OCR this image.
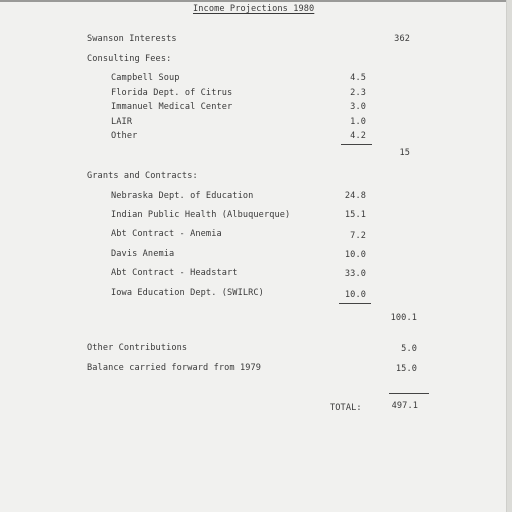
Income Projections 1980
Swanson Interests	362
Consulting Fees:
Campbell Soup	4.5
Florida Dept. of Citrus	2.3
Immanuel Medical Center	3.0
LAIR	1.0
Other	4.2
15
Grants and Contracts:
Nebraska Dept. of Education	24.8
Indian Public Health (Albuquerque)	15.1
Abt Contract - Anemia	7.2
Davis Anemia	10.0
Abt Contract - Headstart	33.0
Iowa Education Dept. (SWILRC)	10.0
100.1
Other Contributions	5.0
Balance carried forward from 1979	15.0
TOTAL:	497.1
